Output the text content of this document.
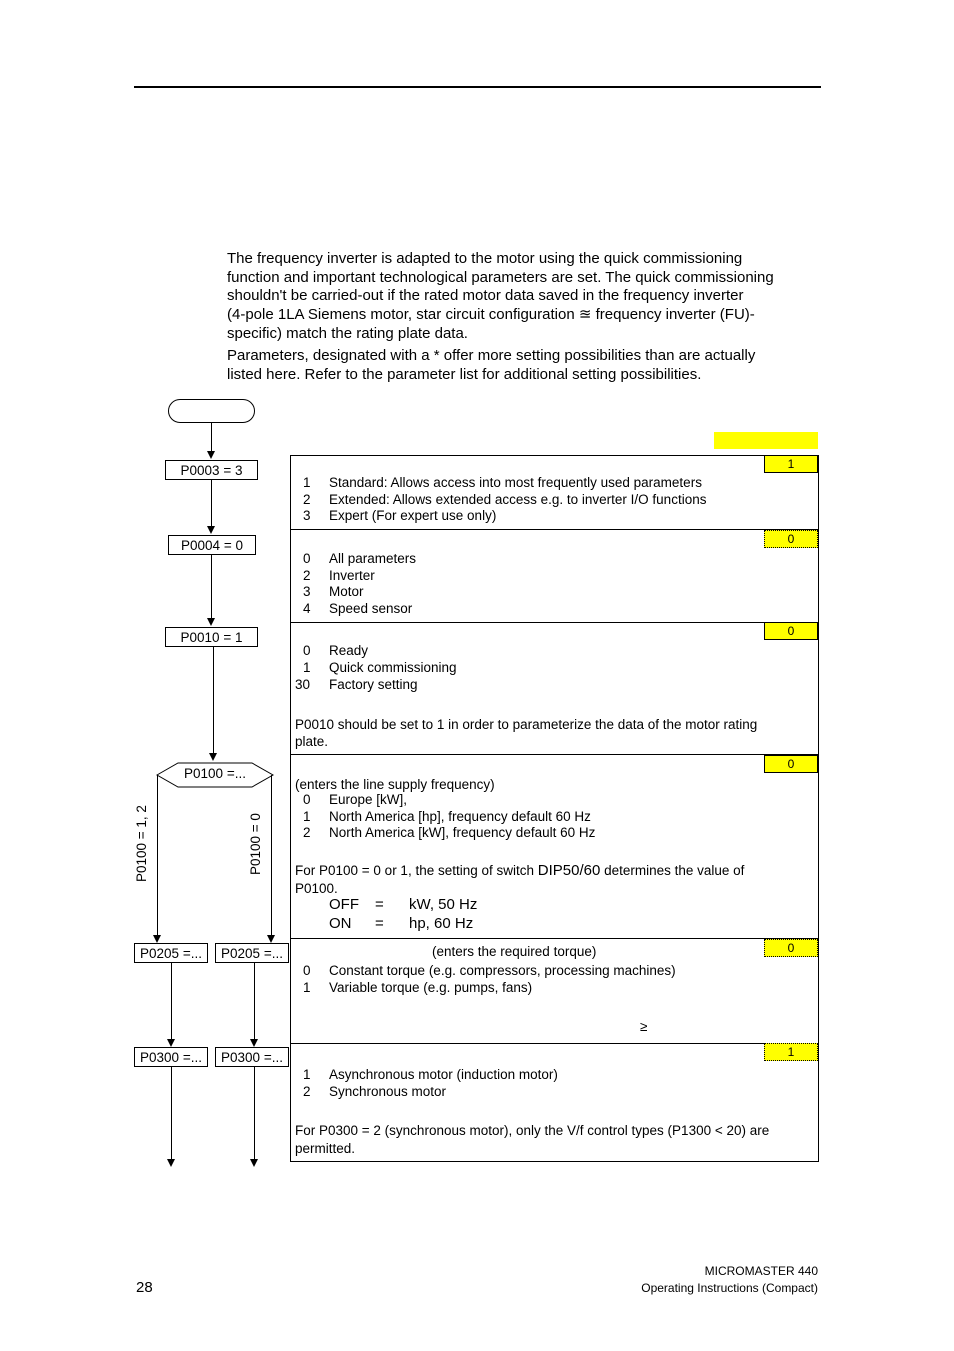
The frequency inverter is adapted to the motor using the quick commissioning
function and important technological parameters are set. The quick commissioning
shouldn't be carried-out if the rated motor data saved in the frequency inverter
(4-pole 1LA Siemens motor, star circuit configuration ≊ frequency inverter (FU)-
specific) match the rating plate data.
Parameters, designated with a * offer more setting possibilities than are actually
listed here. Refer to the parameter list for additional setting possibilities.
P0003 = 3
P0004 = 0
P0010 = 1
P0100 =...
P0100 = 1, 2	P0100 = 0
P0205 =...	P0205 =...
P0300 =...	P0300 =...
1
1 Standard: Allows access into most frequently used parameters
2 Extended: Allows extended access e.g. to inverter I/O functions
3 Expert (For expert use only)
0
0 All parameters
2 Inverter
3 Motor
4 Speed sensor
0
0 Ready
1 Quick commissioning
30 Factory setting
P0010 should be set to 1 in order to parameterize the data of the motor rating
plate.
0
(enters the line supply frequency)
0 Europe [kW],
1 North America [hp], frequency default 60 Hz
2 North America [kW], frequency default 60 Hz
For P0100 = 0 or 1, the setting of switch DIP50/60 determines the value of
P0100.
OFF = kW, 50 Hz
ON = hp, 60 Hz
0
(enters the required torque)
0 Constant torque (e.g. compressors, processing machines)
1 Variable torque (e.g. pumps, fans)
≥
1
1 Asynchronous motor (induction motor)
2 Synchronous motor
For P0300 = 2 (synchronous motor), only the V/f control types (P1300 < 20) are
permitted.
28
MICROMASTER 440
Operating Instructions (Compact)
